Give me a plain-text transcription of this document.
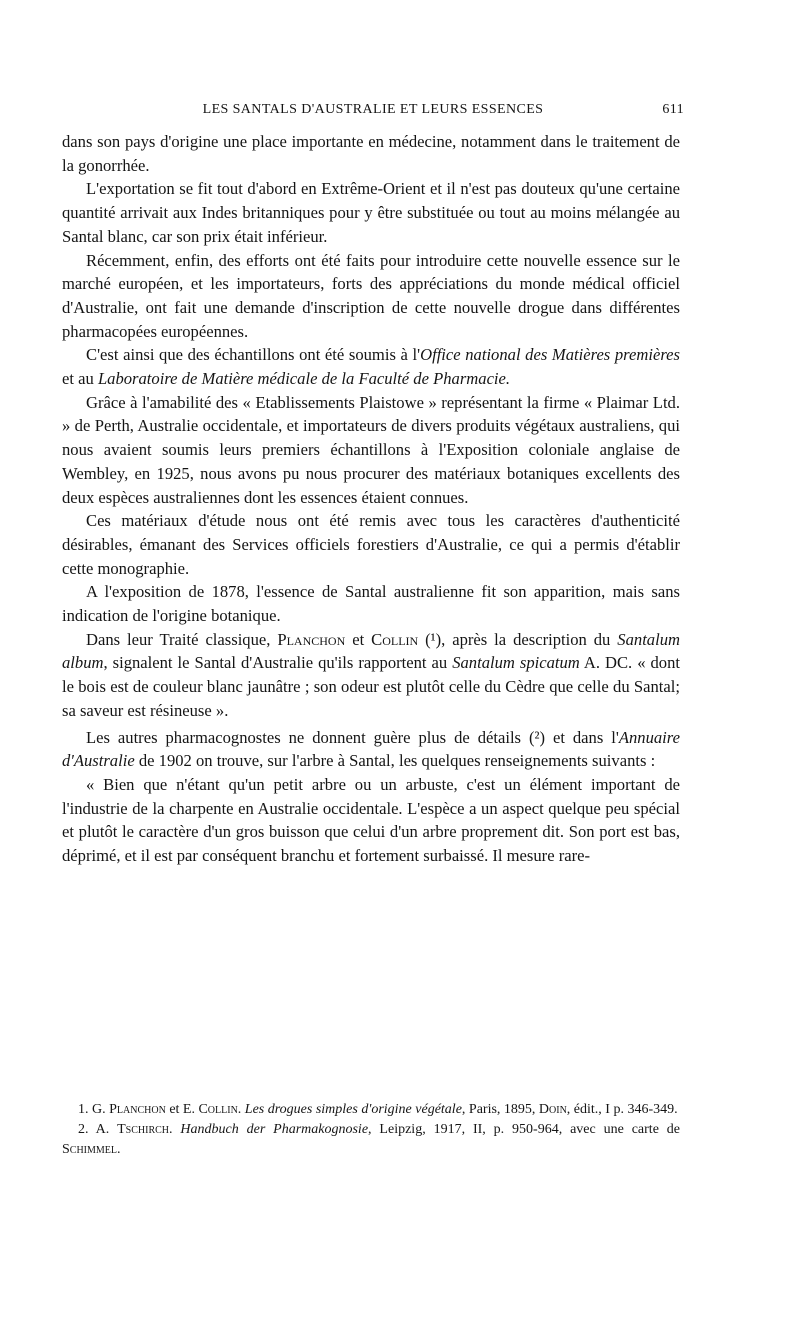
LES SANTALS D'AUSTRALIE ET LEURS ESSENCES	611

dans son pays d'origine une place importante en médecine, notamment dans le traitement de la gonorrhée.

L'exportation se fit tout d'abord en Extrême-Orient et il n'est pas douteux qu'une certaine quantité arrivait aux Indes britanniques pour y être substituée ou tout au moins mélangée au Santal blanc, car son prix était inférieur.

Récemment, enfin, des efforts ont été faits pour introduire cette nouvelle essence sur le marché européen, et les importateurs, forts des appréciations du monde médical officiel d'Australie, ont fait une demande d'inscription de cette nouvelle drogue dans différentes pharmacopées européennes.

C'est ainsi que des échantillons ont été soumis à l'Office national des Matières premières et au Laboratoire de Matière médicale de la Faculté de Pharmacie.

Grâce à l'amabilité des « Etablissements Plaistowe » représentant la firme « Plaimar Ltd. » de Perth, Australie occidentale, et importateurs de divers produits végétaux australiens, qui nous avaient soumis leurs premiers échantillons à l'Exposition coloniale anglaise de Wembley, en 1925, nous avons pu nous procurer des matériaux botaniques excellents des deux espèces australiennes dont les essences étaient connues.

Ces matériaux d'étude nous ont été remis avec tous les caractères d'authenticité désirables, émanant des Services officiels forestiers d'Australie, ce qui a permis d'établir cette monographie.

A l'exposition de 1878, l'essence de Santal australienne fit son apparition, mais sans indication de l'origine botanique.

Dans leur Traité classique, Planchon et Collin (¹), après la description du Santalum album, signalent le Santal d'Australie qu'ils rapportent au Santalum spicatum A. DC. « dont le bois est de couleur blanc jaunâtre ; son odeur est plutôt celle du Cèdre que celle du Santal; sa saveur est résineuse ».

Les autres pharmacognostes ne donnent guère plus de détails (²) et dans l'Annuaire d'Australie de 1902 on trouve, sur l'arbre à Santal, les quelques renseignements suivants :

« Bien que n'étant qu'un petit arbre ou un arbuste, c'est un élément important de l'industrie de la charpente en Australie occidentale. L'espèce a un aspect quelque peu spécial et plutôt le caractère d'un gros buisson que celui d'un arbre proprement dit. Son port est bas, déprimé, et il est par conséquent branchu et fortement surbaissé. Il mesure rare-

1. G. Planchon et E. Collin. Les drogues simples d'origine végétale, Paris, 1895, Doin, édit., I p. 346-349.

2. A. Tschirch. Handbuch der Pharmakognosie, Leipzig, 1917, II, p. 950-964, avec une carte de Schimmel.
